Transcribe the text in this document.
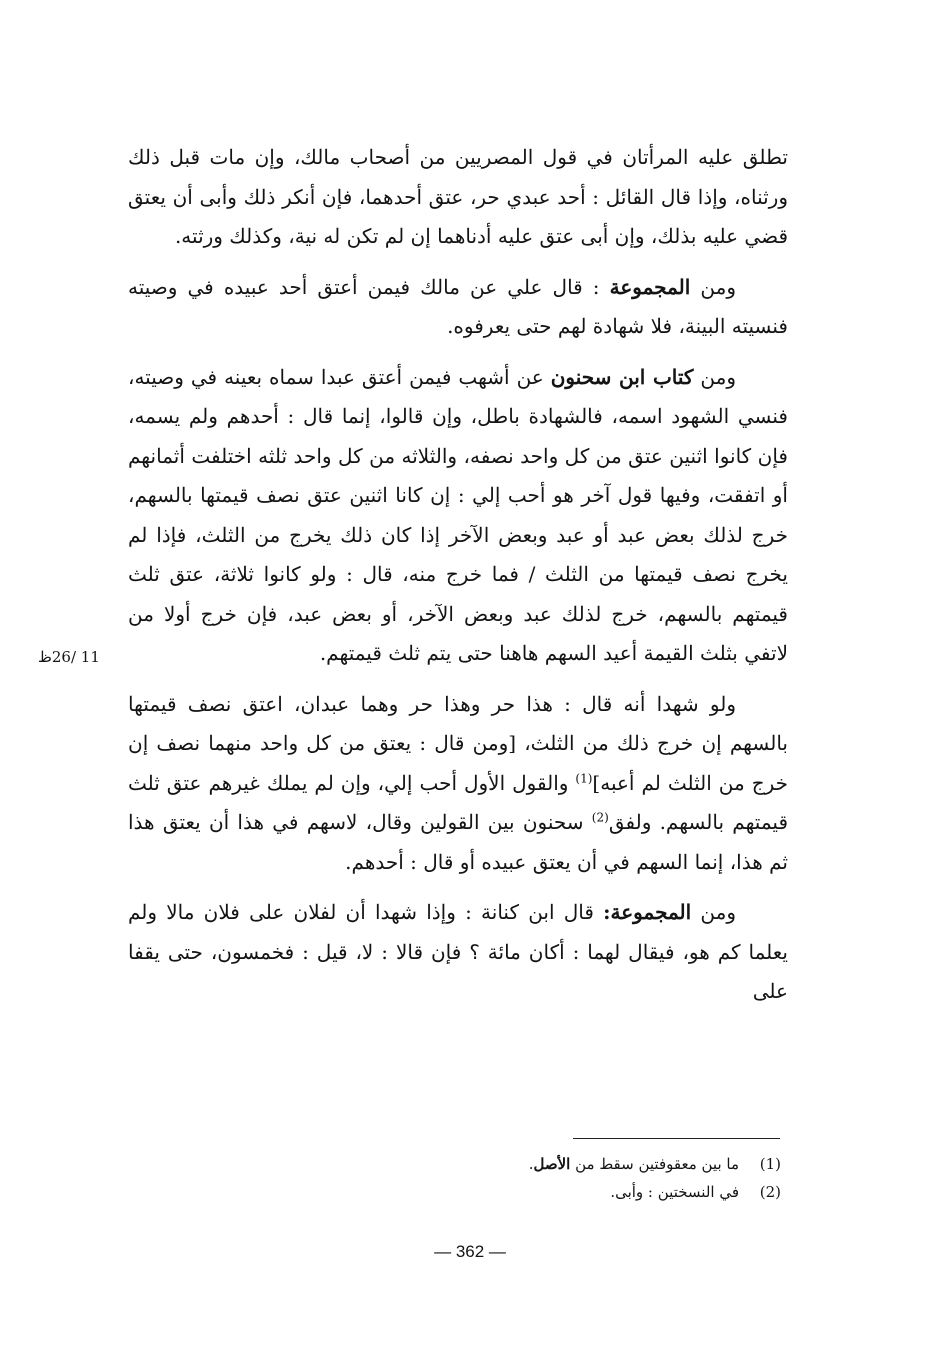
تطلق عليه المرأتان في قول المصريين من أصحاب مالك، وإن مات قبل ذلك ورثناه، وإذا قال القائل : أحد عبدي حر، عتق أحدهما، فإن أنكر ذلك وأبى أن يعتق قضي عليه بذلك، وإن أبى عتق عليه أدناهما إن لم تكن له نية، وكذلك ورثته.

ومن المجموعة : قال علي عن مالك فيمن أعتق أحد عبيده في وصيته فنسيته البينة، فلا شهادة لهم حتى يعرفوه.

ومن كتاب ابن سحنون عن أشهب فيمن أعتق عبدا سماه بعينه في وصيته، فنسي الشهود اسمه، فالشهادة باطل، وإن قالوا، إنما قال : أحدهم ولم يسمه، فإن كانوا اثنين عتق من كل واحد نصفه، والثلاثه من كل واحد ثلثه اختلفت أثمانهم أو اتفقت، وفيها قول آخر هو أحب إلي : إن كانا اثنين عتق نصف قيمتها بالسهم، خرج لذلك بعض عبد أو عبد وبعض الآخر إذا كان ذلك يخرج من الثلث، فإذا لم يخرج نصف قيمتها من الثلث / فما خرج منه، قال : ولو كانوا ثلاثة، عتق ثلث قيمتهم بالسهم، خرج لذلك عبد وبعض الآخر، أو بعض عبد، فإن خرج أولا من لاتفي بثلث القيمة أعيد السهم هاهنا حتى يتم ثلث قيمتهم.

ولو شهدا أنه قال : هذا حر وهذا حر وهما عبدان، اعتق نصف قيمتها بالسهم إن خرج ذلك من الثلث، [ومن قال : يعتق من كل واحد منهما نصف إن خرج من الثلث لم أعبه]$^{(1)}$ والقول الأول أحب إلي، وإن لم يملك غيرهم عتق ثلث قيمتهم بالسهم. ولفق$^{(2)}$ سحنون بين القولين وقال، لاسهم في هذا أن يعتق هذا ثم هذا، إنما السهم في أن يعتق عبيده أو قال : أحدهم.

ومن المجموعة: قال ابن كنانة : وإذا شهدا أن لفلان على فلان مالا ولم يعلما كم هو، فيقال لهما : أكان مائة ؟ فإن قالا : لا، قيل : فخمسون، حتى يقفا على

11 /26ظ

(1)ما بين معقوفتين سقط من الأصل.

(2)في النسختين : وأبى.

— 362 —
